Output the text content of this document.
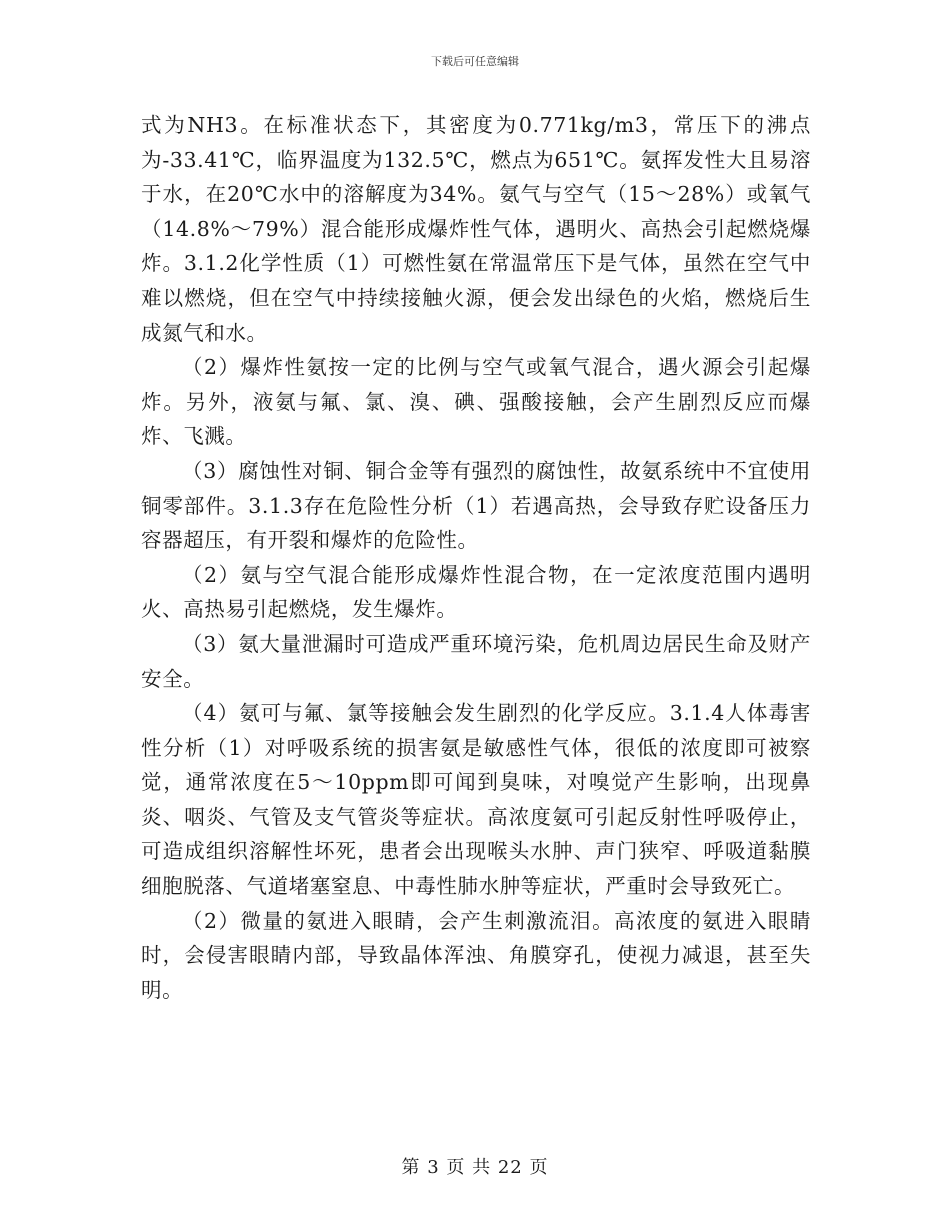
下载后可任意编辑

式为NH3。在标准状态下，其密度为0.771kg/m3，常压下的沸点为-33.41℃，临界温度为132.5℃，燃点为651℃。氨挥发性大且易溶于水，在20℃水中的溶解度为34%。氨气与空气（15～28%）或氧气（14.8%～79%）混合能形成爆炸性气体，遇明火、高热会引起燃烧爆炸。3.1.2化学性质（1）可燃性氨在常温常压下是气体，虽然在空气中难以燃烧，但在空气中持续接触火源，便会发出绿色的火焰，燃烧后生成氮气和水。

（2）爆炸性氨按一定的比例与空气或氧气混合，遇火源会引起爆炸。另外，液氨与氟、氯、溴、碘、强酸接触，会产生剧烈反应而爆炸、飞溅。

（3）腐蚀性对铜、铜合金等有强烈的腐蚀性，故氨系统中不宜使用铜零部件。3.1.3存在危险性分析（1）若遇高热，会导致存贮设备压力容器超压，有开裂和爆炸的危险性。

（2）氨与空气混合能形成爆炸性混合物，在一定浓度范围内遇明火、高热易引起燃烧，发生爆炸。

（3）氨大量泄漏时可造成严重环境污染，危机周边居民生命及财产安全。

（4）氨可与氟、氯等接触会发生剧烈的化学反应。3.1.4人体毒害性分析（1）对呼吸系统的损害氨是敏感性气体，很低的浓度即可被察觉，通常浓度在5～10ppm即可闻到臭味，对嗅觉产生影响，出现鼻炎、咽炎、气管及支气管炎等症状。高浓度氨可引起反射性呼吸停止，可造成组织溶解性坏死，患者会出现喉头水肿、声门狭窄、呼吸道黏膜细胞脱落、气道堵塞窒息、中毒性肺水肿等症状，严重时会导致死亡。

（2）微量的氨进入眼睛，会产生刺激流泪。高浓度的氨进入眼睛时，会侵害眼睛内部，导致晶体浑浊、角膜穿孔，使视力减退，甚至失明。

第 3 页 共 22 页
